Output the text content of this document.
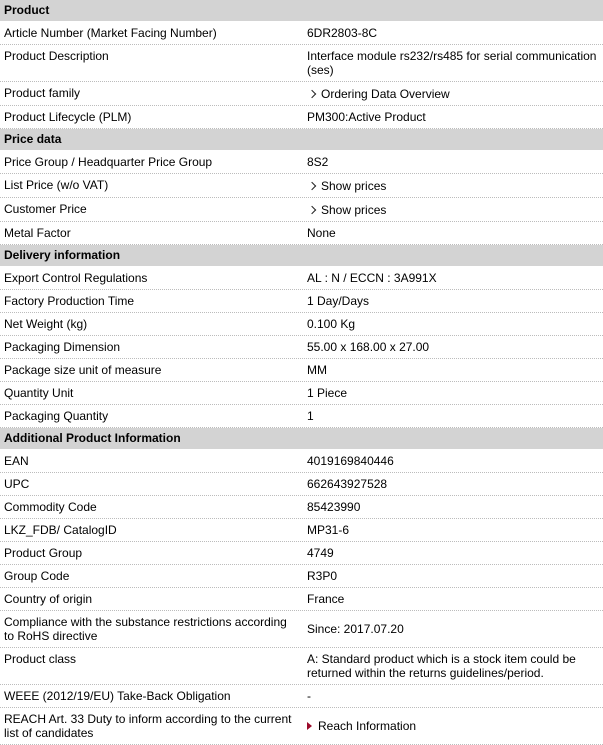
Product
Article Number (Market Facing Number)	6DR2803-8C
Product Description	Interface module rs232/rs485 for serial communication (ses)
Product family	Ordering Data Overview
Product Lifecycle (PLM)	PM300:Active Product
Price data
Price Group / Headquarter Price Group	8S2
List Price (w/o VAT)	Show prices
Customer Price	Show prices
Metal Factor	None
Delivery information
Export Control Regulations	AL : N / ECCN : 3A991X
Factory Production Time	1 Day/Days
Net Weight (kg)	0.100 Kg
Packaging Dimension	55.00 x 168.00 x 27.00
Package size unit of measure	MM
Quantity Unit	1 Piece
Packaging Quantity	1
Additional Product Information
EAN	4019169840446
UPC	662643927528
Commodity Code	85423990
LKZ_FDB/ CatalogID	MP31-6
Product Group	4749
Group Code	R3P0
Country of origin	France
Compliance with the substance restrictions according to RoHS directive	Since: 2017.07.20
Product class	A: Standard product which is a stock item could be returned within the returns guidelines/period.
WEEE (2012/19/EU) Take-Back Obligation	-
REACH Art. 33 Duty to inform according to the current list of candidates	Reach Information
